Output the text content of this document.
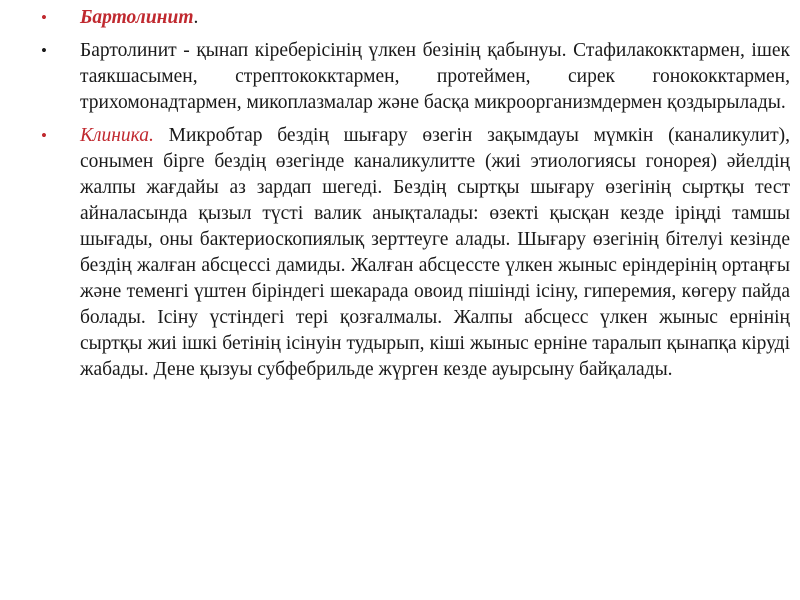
• Бартолинит.
• Бартолинит - қынап кіреберісінің үлкен безінің қабынуы. Стафилакокктармен, ішек таякшасымен, стрептококктармен, протеймен, сирек гонококктармен, трихомонадтармен, микоплазмалар және басқа микроорганизмдермен қоздырылады.
• Клиника. Микробтар бездің шығару өзегін зақымдауы мүмкін (каналикулит), сонымен бірге бездің өзегінде каналикулитте (жиі этиологиясы гонорея) әйелдің жалпы жағдайы аз зардап шегеді. Бездің сыртқы шығару өзегінің сыртқы тест айналасында қызыл түсті валик анықталады: өзекті қысқан кезде іріңді тамшы шығады, оны бактериоскопиялық зерттеуге алады. Шығару өзегінің бітелуі кезінде бездің жалған абсцессі дамиды. Жалған абсцессте үлкен жыныс еріндерінің ортаңғы және теменгі үштен біріндегі шекарада овоид пішінді ісіну, гиперемия, көгеру пайда болады. Ісіну үстіндегі тері қозғалмалы. Жалпы абсцесс үлкен жыныс ернінің сыртқы жиі ішкі бетінің ісінуін тудырып, кіші жыныс ерніне таралып қынапқа кіруді жабады. Дене қызуы субфебрильде жүрген кезде ауырсыну байқалады.
